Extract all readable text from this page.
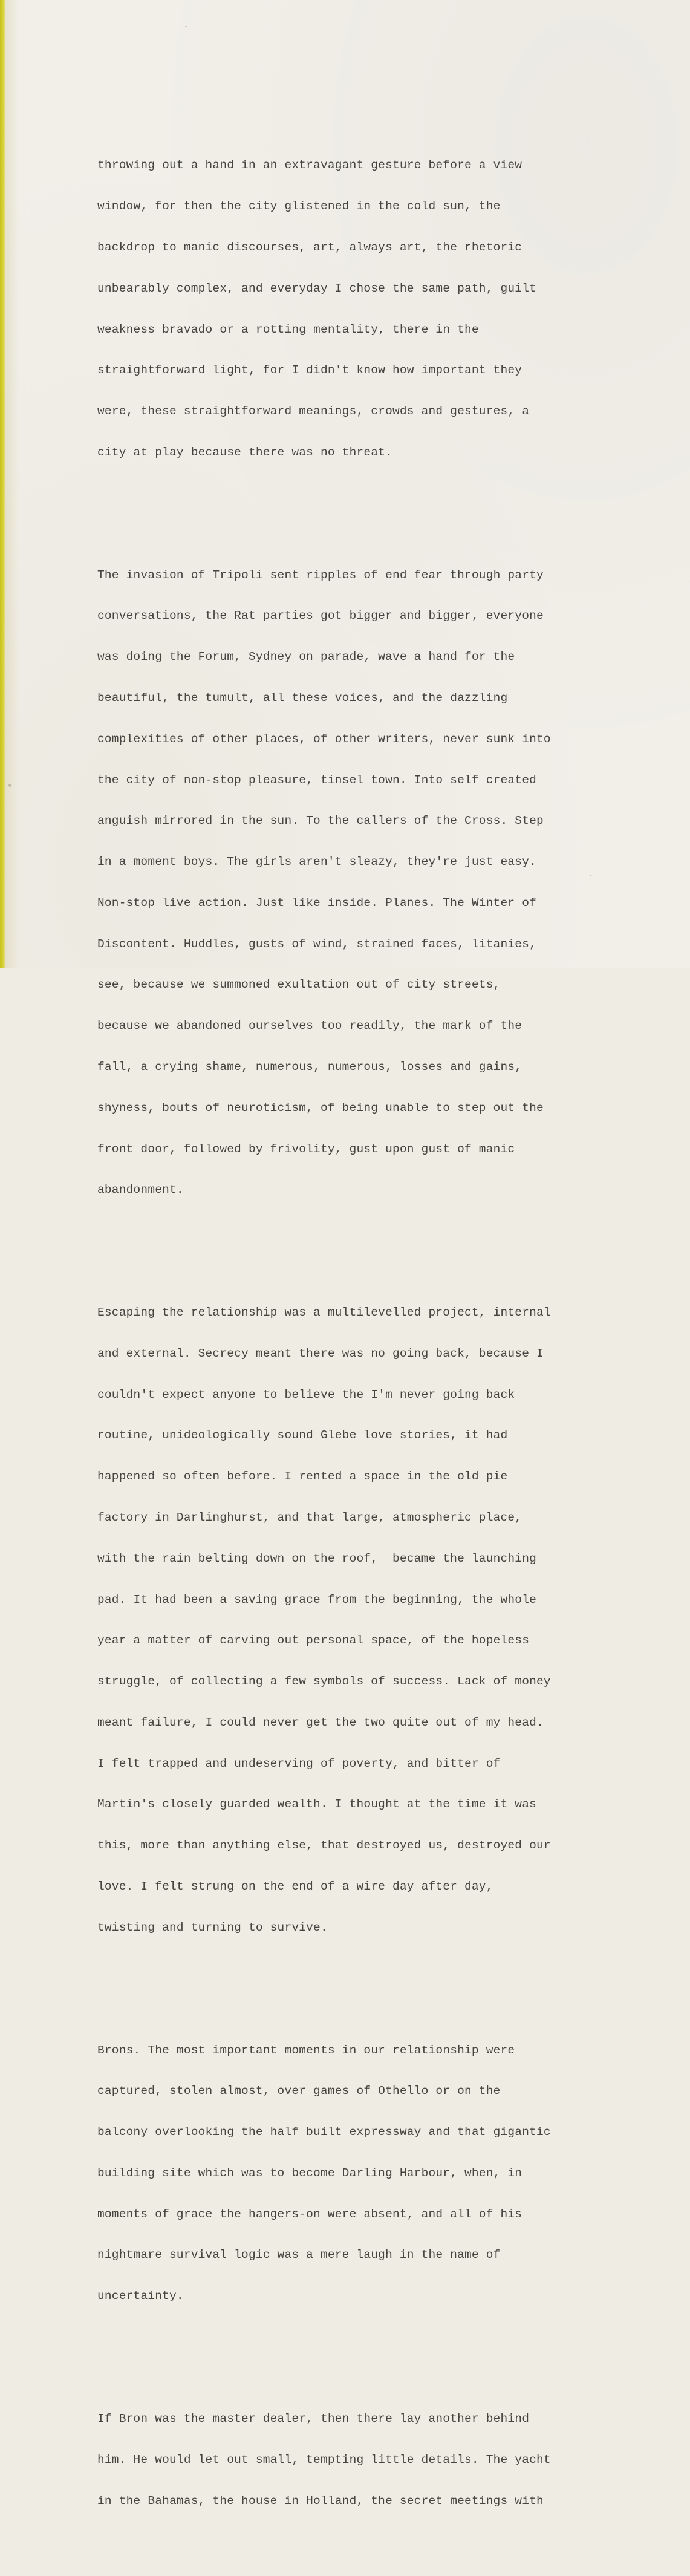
throwing out a hand in an extravagant gesture before a view

window, for then the city glistened in the cold sun, the

backdrop to manic discourses, art, always art, the rhetoric

unbearably complex, and everyday I chose the same path, guilt

weakness bravado or a rotting mentality, there in the

straightforward light, for I didn't know how important they

were, these straightforward meanings, crowds and gestures, a

city at play because there was no threat.

The invasion of Tripoli sent ripples of end fear through party

conversations, the Rat parties got bigger and bigger, everyone

was doing the Forum, Sydney on parade, wave a hand for the

beautiful, the tumult, all these voices, and the dazzling

complexities of other places, of other writers, never sunk into

the city of non-stop pleasure, tinsel town. Into self created

anguish mirrored in the sun. To the callers of the Cross. Step

in a moment boys. The girls aren't sleazy, they're just easy.

Non-stop live action. Just like inside. Planes. The Winter of

Discontent. Huddles, gusts of wind, strained faces, litanies,

see, because we summoned exultation out of city streets,

because we abandoned ourselves too readily, the mark of the

fall, a crying shame, numerous, numerous, losses and gains,

shyness, bouts of neuroticism, of being unable to step out the

front door, followed by frivolity, gust upon gust of manic

abandonment.

Escaping the relationship was a multilevelled project, internal

and external. Secrecy meant there was no going back, because I

couldn't expect anyone to believe the I'm never going back

routine, unideologically sound Glebe love stories, it had

happened so often before. I rented a space in the old pie

factory in Darlinghurst, and that large, atmospheric place,

with the rain belting down on the roof,  became the launching

pad. It had been a saving grace from the beginning, the whole

year a matter of carving out personal space, of the hopeless

struggle, of collecting a few symbols of success. Lack of money

meant failure, I could never get the two quite out of my head.

I felt trapped and undeserving of poverty, and bitter of

Martin's closely guarded wealth. I thought at the time it was

this, more than anything else, that destroyed us, destroyed our

love. I felt strung on the end of a wire day after day,

twisting and turning to survive.

Brons. The most important moments in our relationship were

captured, stolen almost, over games of Othello or on the

balcony overlooking the half built expressway and that gigantic

building site which was to become Darling Harbour, when, in

moments of grace the hangers-on were absent, and all of his

nightmare survival logic was a mere laugh in the name of

uncertainty.

If Bron was the master dealer, then there lay another behind

him. He would let out small, tempting little details. The yacht

in the Bahamas, the house in Holland, the secret meetings with
